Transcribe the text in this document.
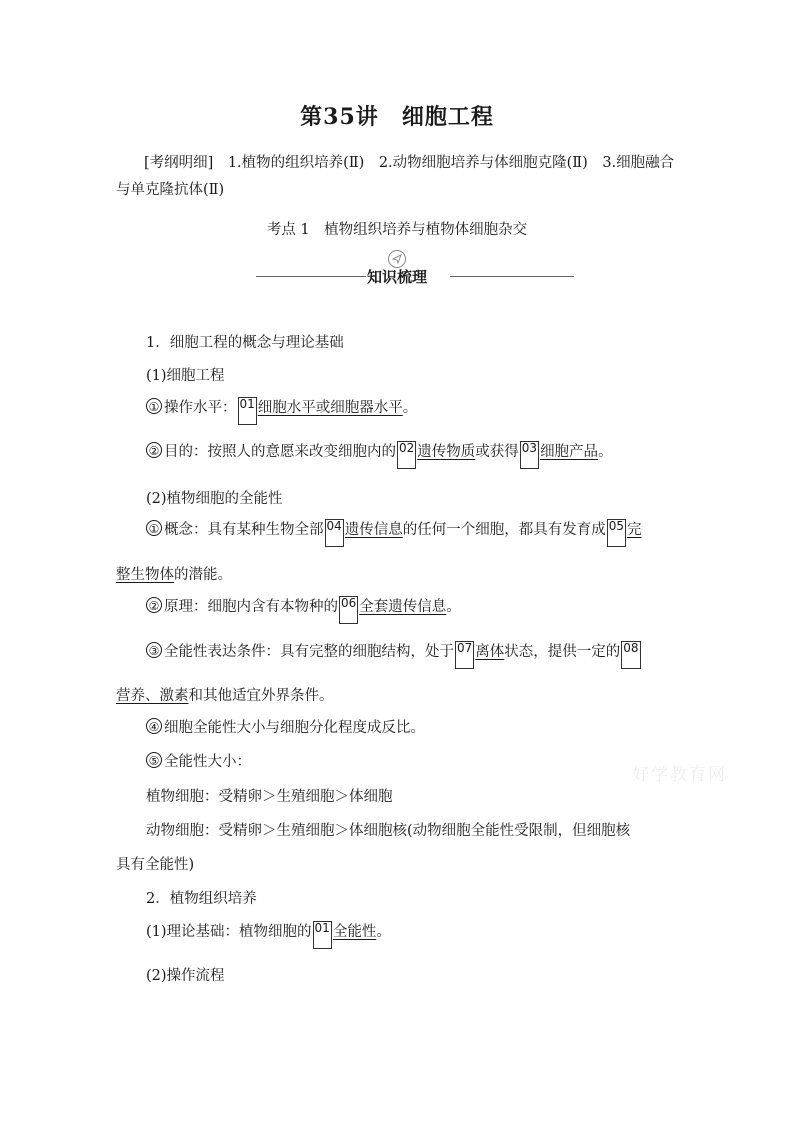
第35讲　 细胞工程
[考纲明细]　1.植物的组织培养(Ⅱ)　2.动物细胞培养与体细胞克隆(Ⅱ)　3.细胞融合与单克隆抗体(Ⅱ)
考点 1　植物组织培养与植物体细胞杂交
知识梳理
1．细胞工程的概念与理论基础
(1)细胞工程
① 操作水平： 01 细胞水平或细胞器水平。
② 目的：按照人的意愿来改变细胞内的 02 遗传物质或获得 03 细胞产品。
(2)植物细胞的全能性
① 概念：具有某种生物全部 04 遗传信息的任何一个细胞，都具有发育成 05 完
整生物体的潜能。
② 原理：细胞内含有本物种的 06 全套遗传信息。
③ 全能性表达条件：具有完整的细胞结构，处于 07 离体状态，提供一定的 08
营养、激素和其他适宜外界条件。
④ 细胞全能性大小与细胞分化程度成反比。
⑤ 全能性大小：
植物细胞：受精卵＞生殖细胞＞体细胞
动物细胞：受精卵＞生殖细胞＞体细胞核(动物细胞全能性受限制，但细胞核
具有全能性)
2．植物组织培养
(1)理论基础：植物细胞的 01 全能性。
(2)操作流程
好学教育网
